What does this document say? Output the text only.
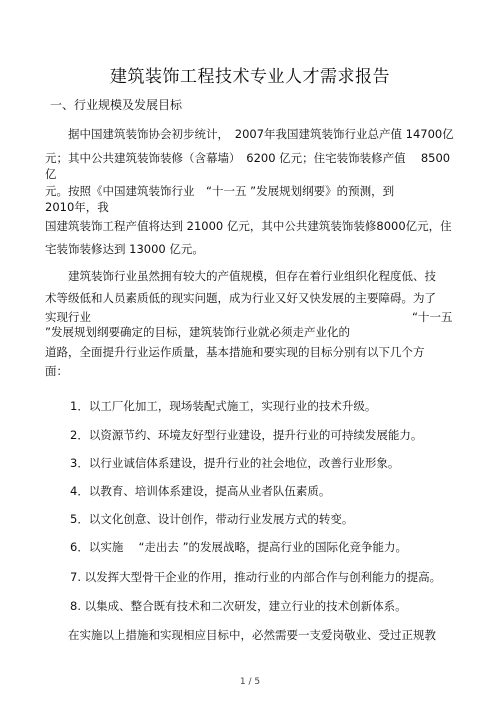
建筑装饰工程技术专业人才需求报告
一、行业规模及发展目标
据中国建筑装饰协会初步统计，　2007年我国建筑装饰行业总产值 14700亿
元；其中公共建筑装饰装修（含幕墙）　6200 亿元；住宅装饰装修产值　 8500
亿
元。按照《中国建筑装饰行业　“十一五 ”发展规划纲要》的预测，到
2010年，我
国建筑装饰工程产值将达到 21000 亿元，其中公共建筑装饰装修8000亿元，住
宅装饰装修达到 13000 亿元。
建筑装饰行业虽然拥有较大的产值规模，但存在着行业组织化程度低、技
术等级低和人员素质低的现实问题，成为行业又好又快发展的主要障碍。为了
实现行业	“十一五
”发展规划纲要确定的目标，建筑装饰行业就必须走产业化的
道路，全面提升行业运作质量，基本措施和要实现的目标分别有以下几个方
面：
1．以工厂化加工，现场装配式施工，实现行业的技术升级。
2．以资源节约、环境友好型行业建设，提升行业的可持续发展能力。
3．以行业诚信体系建设，提升行业的社会地位，改善行业形象。
4．以教育、培训体系建设，提高从业者队伍素质。
5．以文化创意、设计创作，带动行业发展方式的转变。
6．以实施　 “走出去 ”的发展战略，提高行业的国际化竞争能力。
7. 以发挥大型骨干企业的作用，推动行业的内部合作与创利能力的提高。
8. 以集成、整合既有技术和二次研发，建立行业的技术创新体系。
在实施以上措施和实现相应目标中，必然需要一支爱岗敬业、受过正规教
1 / 5
